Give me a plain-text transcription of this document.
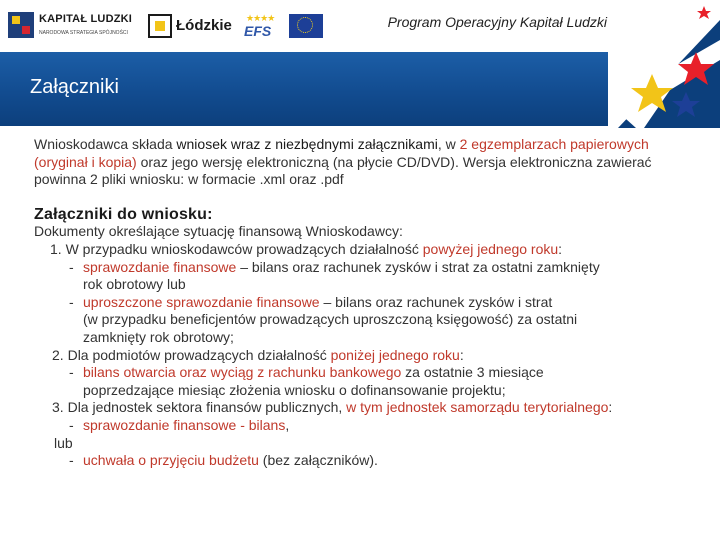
KAPITAŁ LUDZKI
NARODOWA STRATEGIA SPÓJNOŚCI	Łódzkie ★★★★
EFS
Program Operacyjny Kapitał Ludzki
Załączniki

Wnioskodawca składa wniosek wraz z niezbędnymi załącznikami, w 2 egzemplarzach papierowych (oryginał i kopia) oraz jego wersję elektroniczną (na płycie CD/DVD). Wersja elektroniczna zawierać powinna 2 pliki wniosku: w formacie .xml oraz .pdf

Załączniki do wniosku:
Dokumenty określające sytuację finansową Wnioskodawcy:
1. W przypadku wnioskodawców prowadzących działalność powyżej jednego roku:
- sprawozdanie finansowe – bilans oraz rachunek zysków i strat za ostatni zamknięty
rok obrotowy lub
- uproszczone sprawozdanie finansowe – bilans oraz rachunek zysków i strat
(w przypadku beneficjentów prowadzących uproszczoną księgowość) za ostatni
zamknięty rok obrotowy;
2. Dla podmiotów prowadzących działalność poniżej jednego roku:
- bilans otwarcia oraz wyciąg z rachunku bankowego za ostatnie 3 miesiące
poprzedzające miesiąc złożenia wniosku o dofinansowanie projektu;
3. Dla jednostek sektora finansów publicznych, w tym jednostek samorządu terytorialnego:
- sprawozdanie finansowe - bilans,
lub
- uchwała o przyjęciu budżetu (bez załączników).
